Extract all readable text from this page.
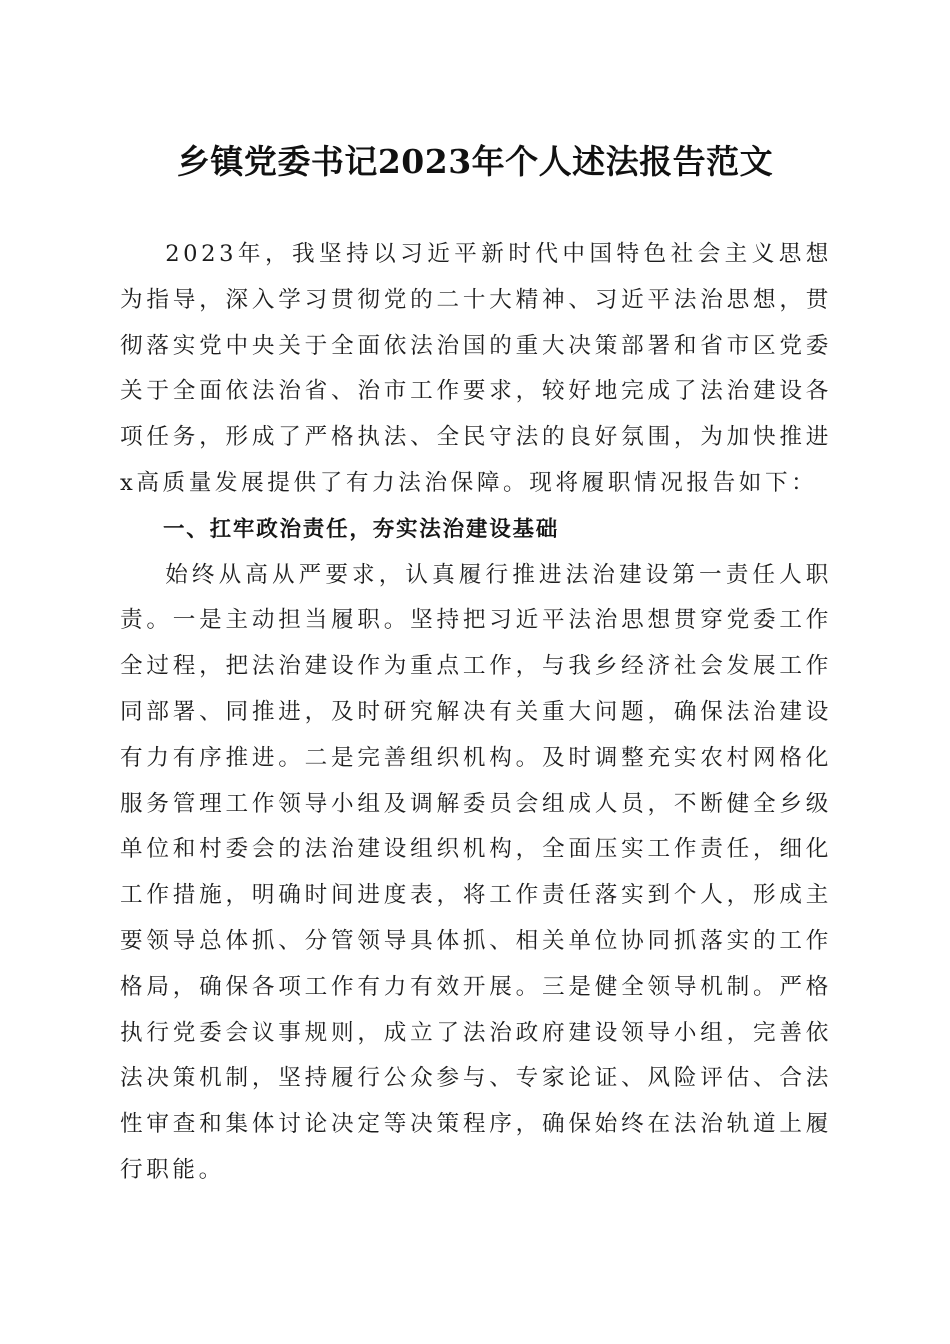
乡镇党委书记2023年个人述法报告范文

2023年，我坚持以习近平新时代中国特色社会主义思想为指导，深入学习贯彻党的二十大精神、习近平法治思想，贯彻落实党中央关于全面依法治国的重大决策部署和省市区党委关于全面依法治省、治市工作要求，较好地完成了法治建设各项任务，形成了严格执法、全民守法的良好氛围，为加快推进x高质量发展提供了有力法治保障。现将履职情况报告如下：

一、扛牢政治责任，夯实法治建设基础

始终从高从严要求，认真履行推进法治建设第一责任人职责。一是主动担当履职。坚持把习近平法治思想贯穿党委工作全过程，把法治建设作为重点工作，与我乡经济社会发展工作同部署、同推进，及时研究解决有关重大问题，确保法治建设有力有序推进。二是完善组织机构。及时调整充实农村网格化服务管理工作领导小组及调解委员会组成人员，不断健全乡级单位和村委会的法治建设组织机构，全面压实工作责任，细化工作措施，明确时间进度表，将工作责任落实到个人，形成主要领导总体抓、分管领导具体抓、相关单位协同抓落实的工作格局，确保各项工作有力有效开展。三是健全领导机制。严格执行党委会议事规则，成立了法治政府建设领导小组，完善依法决策机制，坚持履行公众参与、专家论证、风险评估、合法性审查和集体讨论决定等决策程序，确保始终在法治轨道上履行职能。
